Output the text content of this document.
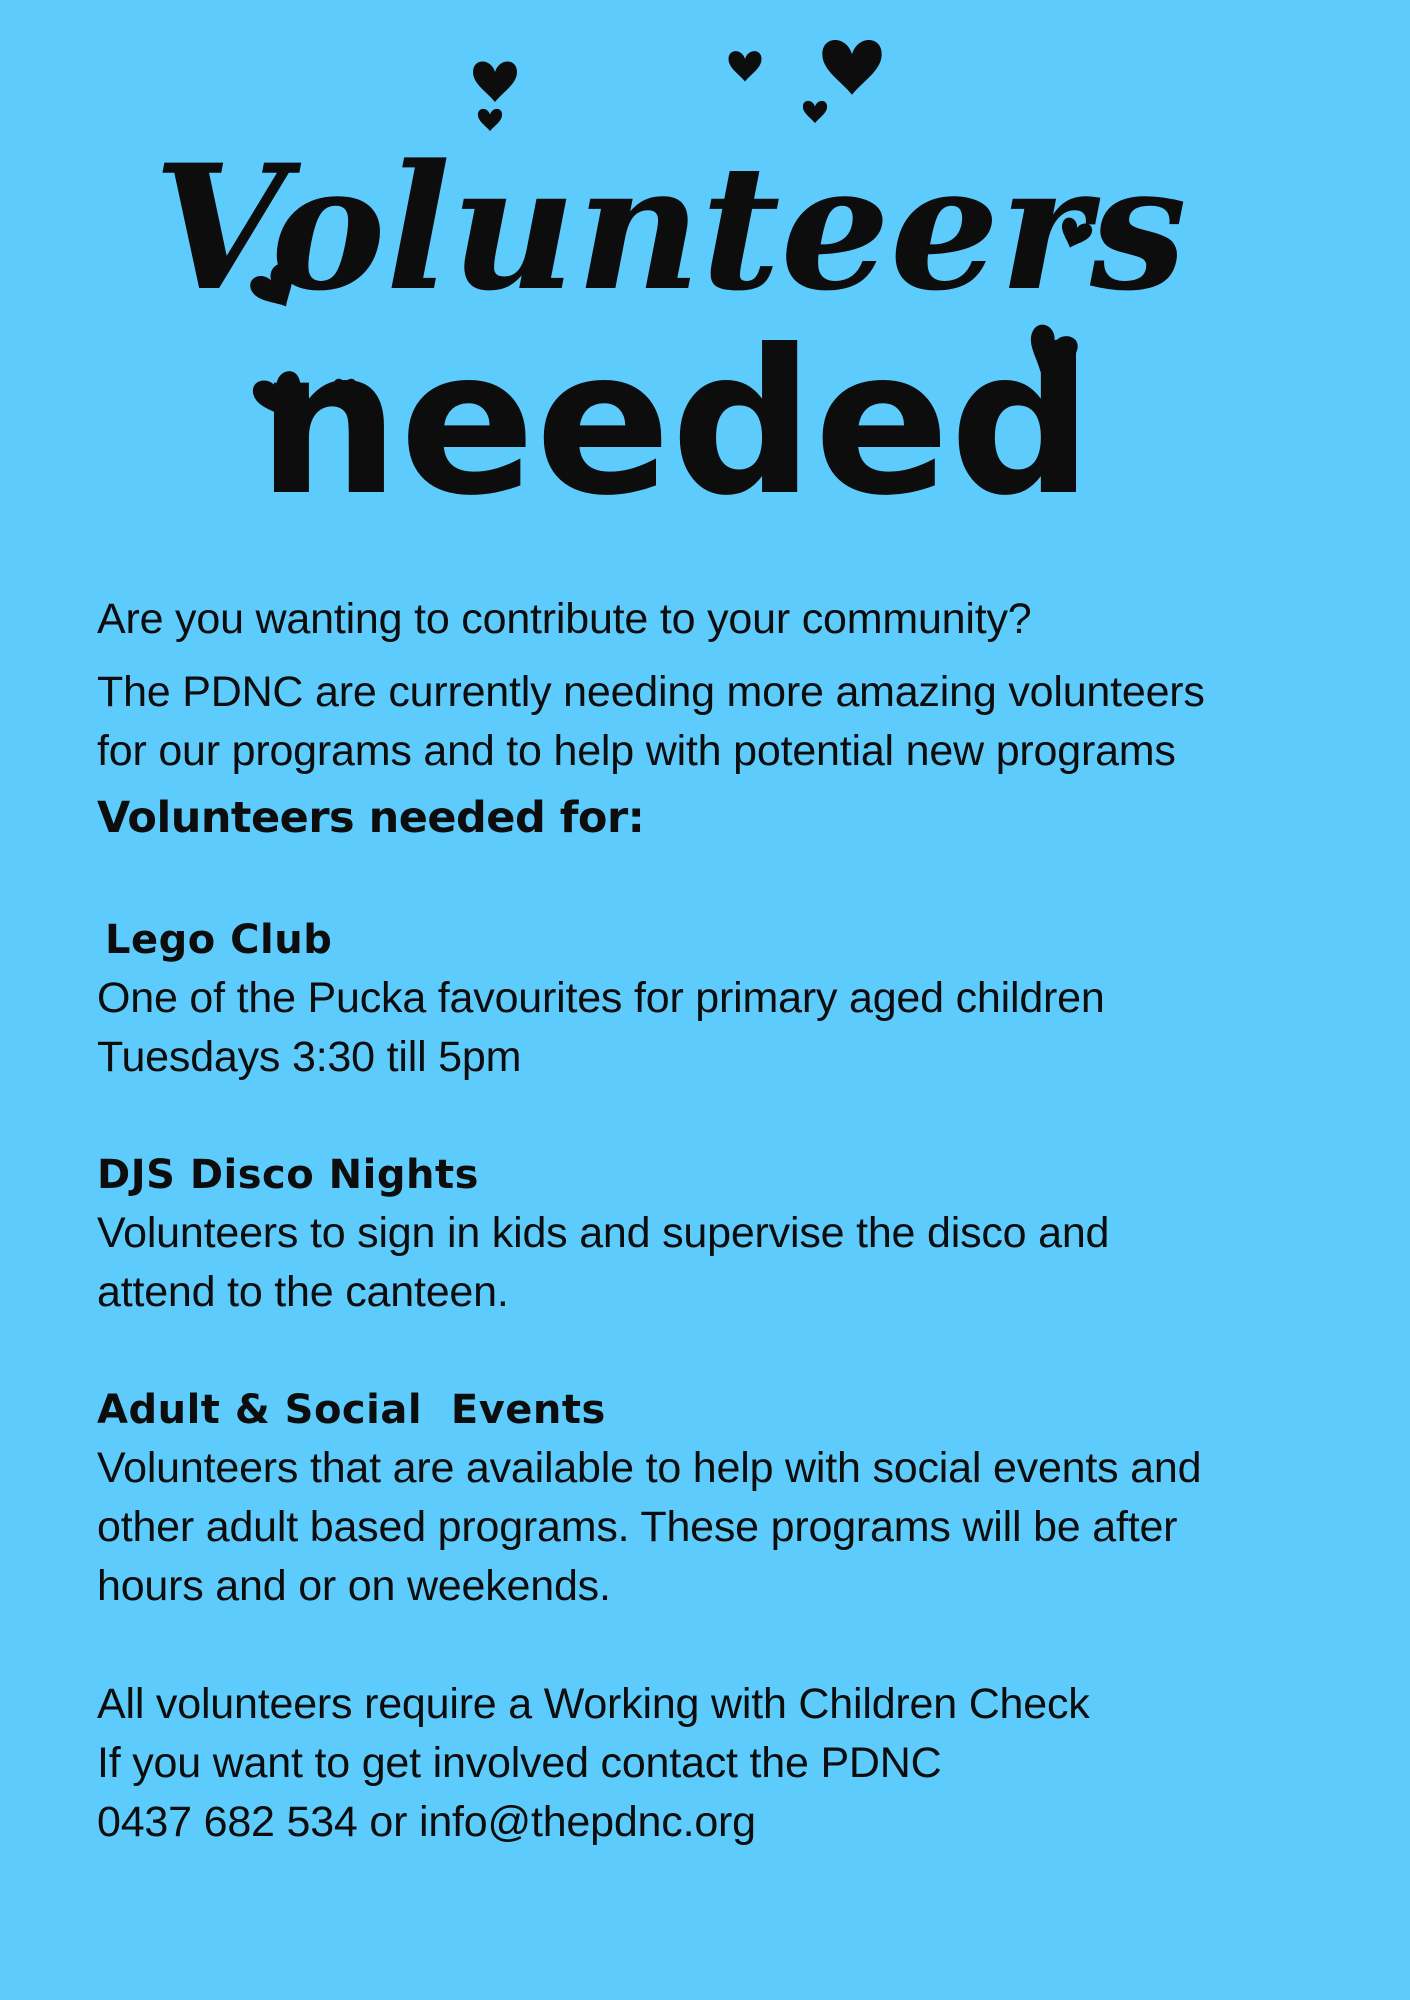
Volunteers
needed

Are you wanting to contribute to your community?

The PDNC are currently needing more amazing volunteers

for our programs and to help with potential new programs

Volunteers needed for:

Lego Club

One of the Pucka favourites for primary aged children

Tuesdays 3:30 till 5pm

DJS Disco Nights

Volunteers to sign in kids and supervise the disco and

attend to the canteen.

Adult & Social  Events

Volunteers that are available to help with social events and

other adult based programs. These programs will be after

hours and or on weekends.

All volunteers require a Working with Children Check

If you want to get involved contact the PDNC

0437 682 534 or info@thepdnc.org
